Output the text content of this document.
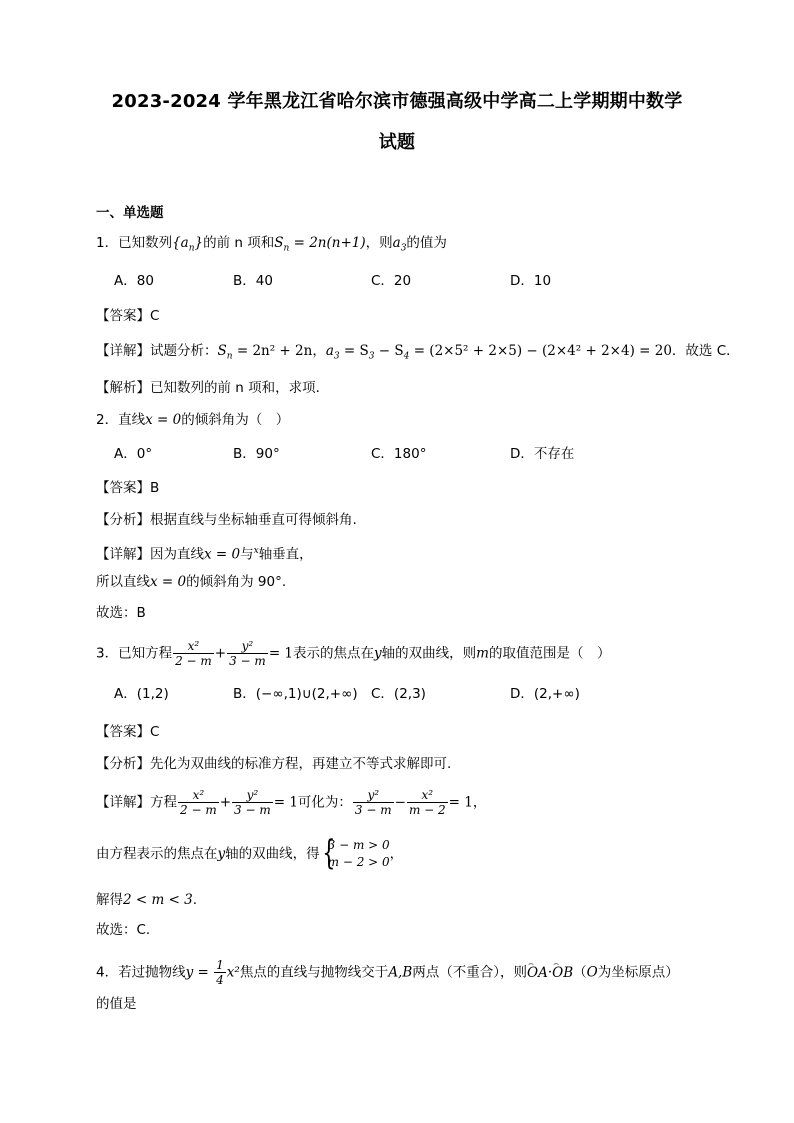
2023-2024 学年黑龙江省哈尔滨市德强高级中学高二上学期期中数学
试题
一、单选题
1．已知数列$\{a_n\}$的前 n 项和$S_n = 2n(n+1)$，则$a_3$的值为
A．80	B．40	C．20	D．10
【答案】C
【详解】试题分析：$S_n = 2n^2 + 2n$，$a_3 = S_3 - S_4 = (2\times 5^2 + 2\times 5) - (2\times 4^2 + 2\times 4) = 20$．故选 C．
【解析】已知数列的前 n 项和，求项．
2．直线x = 0的倾斜角为（　）
A．0°	B．90°	C．180°	D．不存在
【答案】B
【分析】根据直线与坐标轴垂直可得倾斜角.
【详解】因为直线x = 0与$^x$轴垂直，
所以直线x = 0的倾斜角为 90°.
故选：B
3．已知方程 $\frac{\text{x²}}{2 - m} + \frac{\text{y²}}{3 - m} = 1$表示的焦点在y轴的双曲线，则m的取值范围是（　）
A．(1,2)	B．(−∞,1)∪(2,+∞) C．(2,3)	D．(2,+∞)
【答案】C
【分析】先化为双曲线的标准方程，再建立不等式求解即可.
【详解】方程 $\frac{\text{x²}}{2 - m} + \frac{\text{y²}}{3 - m} = 1$可化为： $\frac{\text{y²}}{3 - m} - \frac{\text{x²}}{m - 2} = 1$，
由方程表示的焦点在y轴的双曲线，得 {
3 − m > 0
m − 2 > 0 ，
解得2 < m < 3.
故选：C.
4．若过抛物线$y = \frac{1}{4} x^2$焦点的直线与抛物线交于A,B两点（不重合），则⌢ OA·⌢ OB（O为坐标原点）
的值是
